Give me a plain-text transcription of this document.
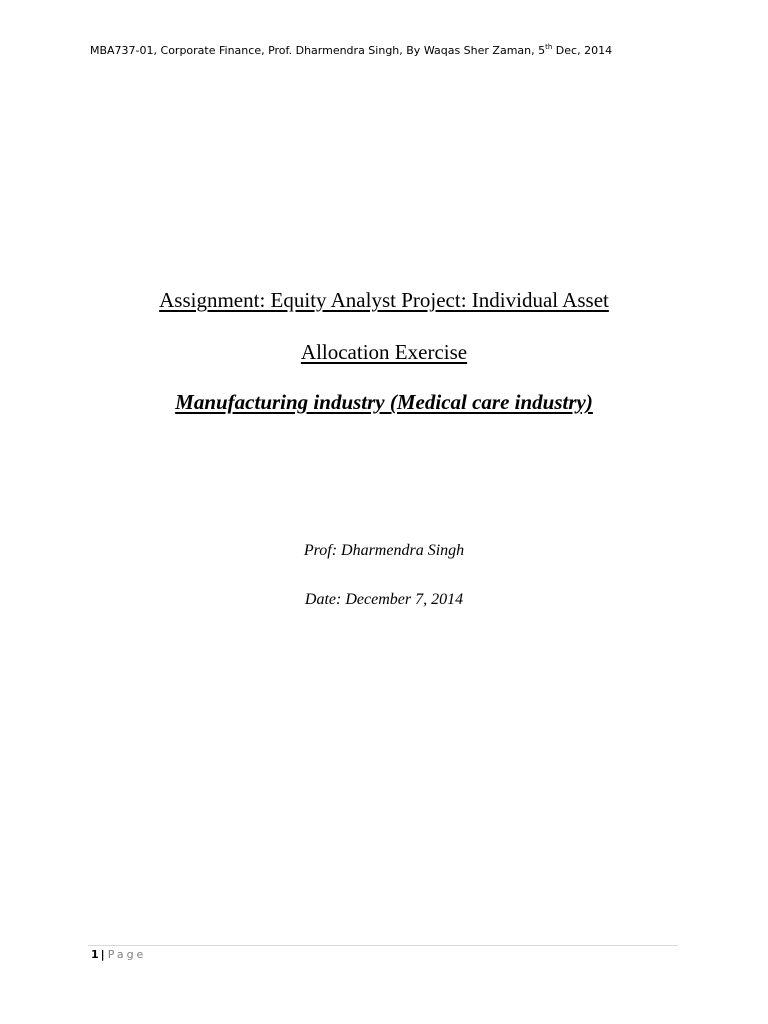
MBA737-01, Corporate Finance, Prof. Dharmendra Singh, By Waqas Sher Zaman, 5th Dec, 2014
Assignment: Equity Analyst Project: Individual Asset
Allocation Exercise
Manufacturing industry (Medical care industry)
Prof: Dharmendra Singh
Date: December 7, 2014
1 | Page
